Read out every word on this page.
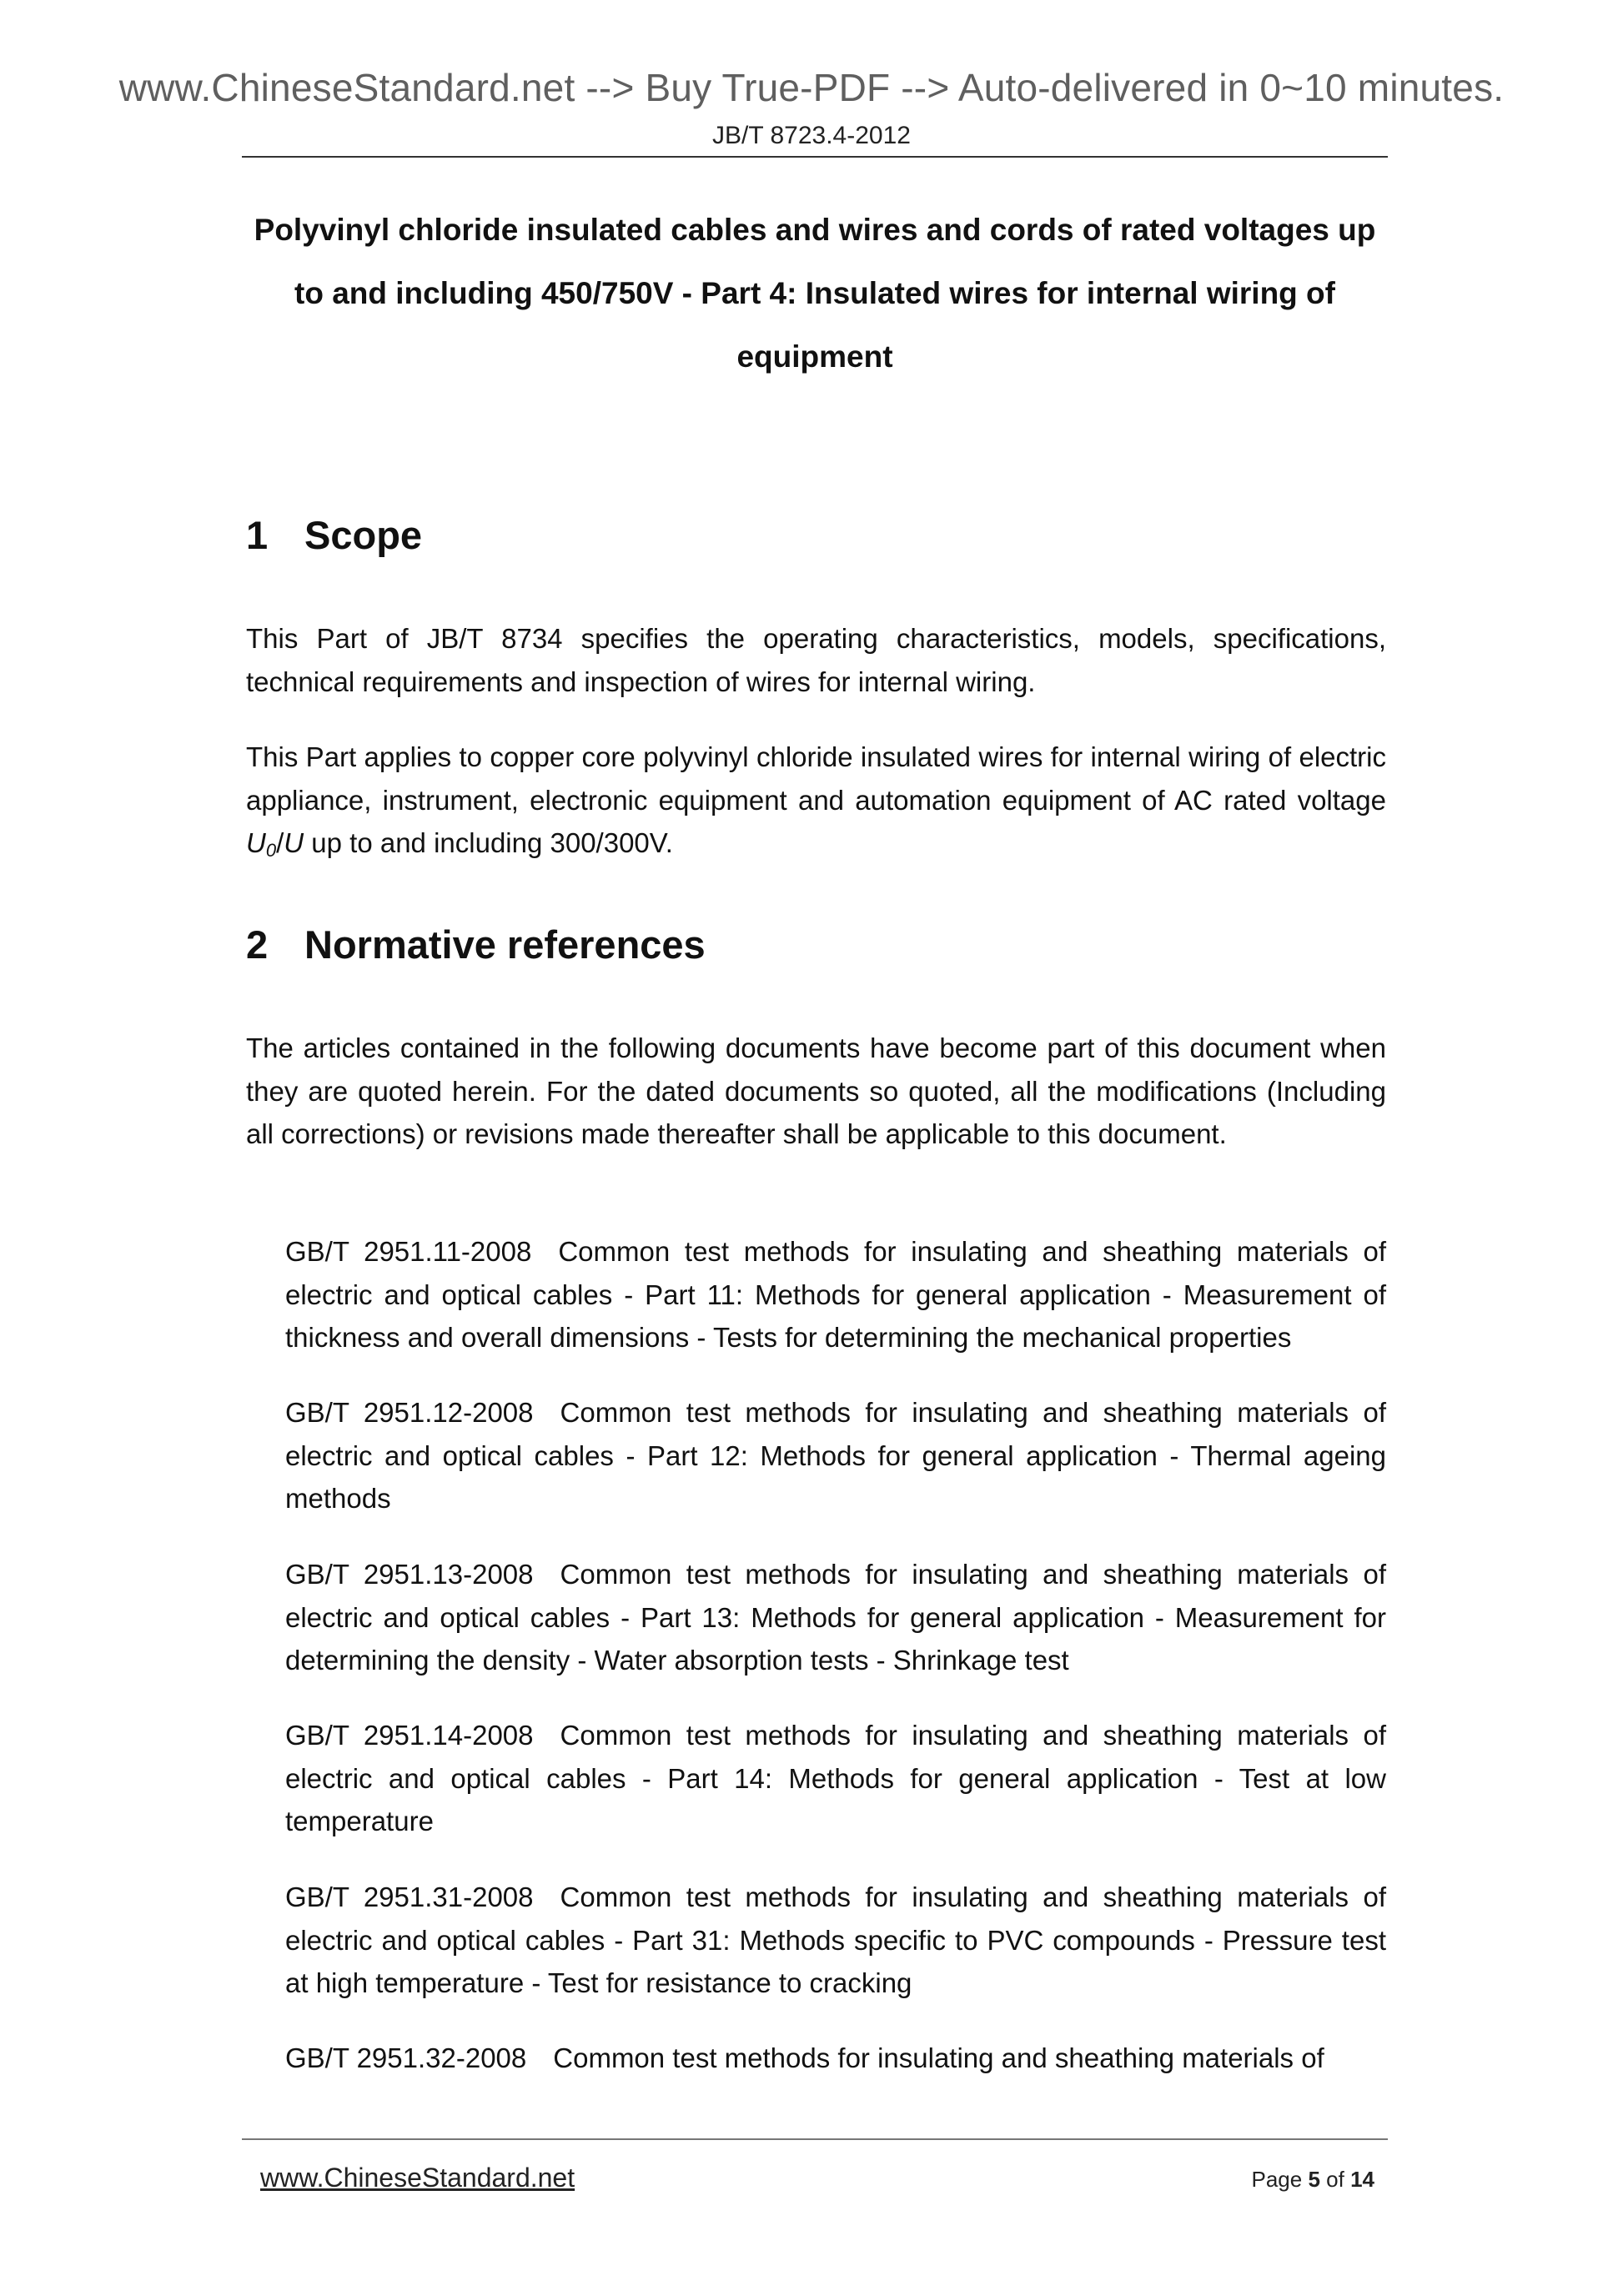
www.ChineseStandard.net --> Buy True-PDF --> Auto-delivered in 0~10 minutes.
JB/T 8723.4-2012
Polyvinyl chloride insulated cables and wires and cords of rated voltages up to and including 450/750V - Part 4: Insulated wires for internal wiring of equipment
1 Scope
This Part of JB/T 8734 specifies the operating characteristics, models, specifications, technical requirements and inspection of wires for internal wiring.
This Part applies to copper core polyvinyl chloride insulated wires for internal wiring of electric appliance, instrument, electronic equipment and automation equipment of AC rated voltage U0/U up to and including 300/300V.
2 Normative references
The articles contained in the following documents have become part of this document when they are quoted herein. For the dated documents so quoted, all the modifications (Including all corrections) or revisions made thereafter shall be applicable to this document.
GB/T 2951.11-2008 Common test methods for insulating and sheathing materials of electric and optical cables - Part 11: Methods for general application - Measurement of thickness and overall dimensions - Tests for determining the mechanical properties
GB/T 2951.12-2008 Common test methods for insulating and sheathing materials of electric and optical cables - Part 12: Methods for general application - Thermal ageing methods
GB/T 2951.13-2008 Common test methods for insulating and sheathing materials of electric and optical cables - Part 13: Methods for general application - Measurement for determining the density - Water absorption tests - Shrinkage test
GB/T 2951.14-2008 Common test methods for insulating and sheathing materials of electric and optical cables - Part 14: Methods for general application - Test at low temperature
GB/T 2951.31-2008 Common test methods for insulating and sheathing materials of electric and optical cables - Part 31: Methods specific to PVC compounds - Pressure test at high temperature - Test for resistance to cracking
GB/T 2951.32-2008 Common test methods for insulating and sheathing materials of
www.ChineseStandard.net	Page 5 of 14
